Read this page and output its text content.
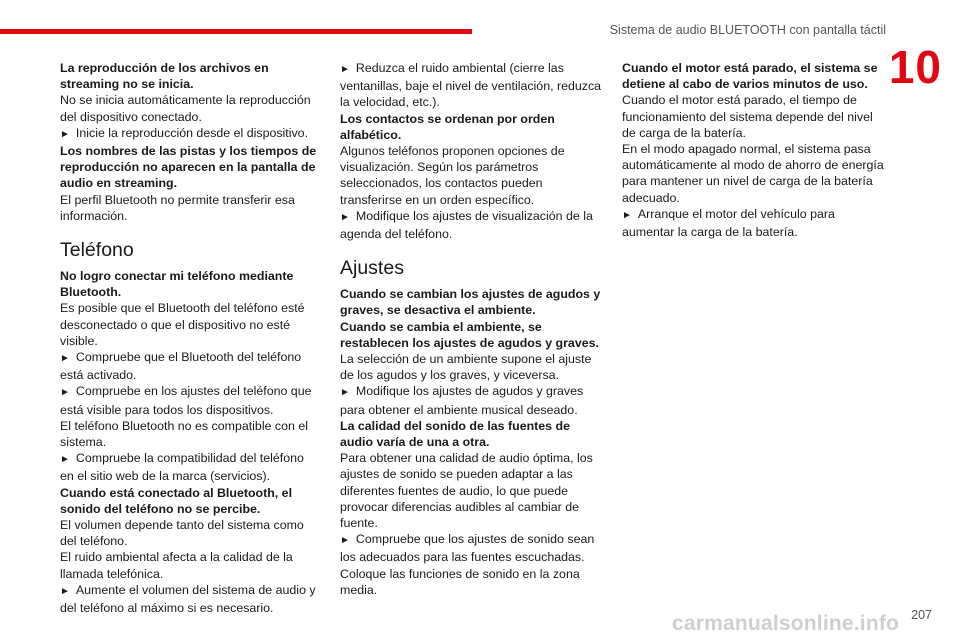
Sistema de audio BLUETOOTH con pantalla táctil
10

La reproducción de los archivos en streaming no se inicia.

No se inicia automáticamente la reproducción del dispositivo conectado.

► Inicie la reproducción desde el dispositivo.

Los nombres de las pistas y los tiempos de reproducción no aparecen en la pantalla de audio en streaming.

El perfil Bluetooth no permite transferir esa información.

Teléfono

No logro conectar mi teléfono mediante Bluetooth.

Es posible que el Bluetooth del teléfono esté desconectado o que el dispositivo no esté visible.

► Compruebe que el Bluetooth del teléfono está activado.

► Compruebe en los ajustes del teléfono que está visible para todos los dispositivos.

El teléfono Bluetooth no es compatible con el sistema.

► Compruebe la compatibilidad del teléfono en el sitio web de la marca (servicios).

Cuando está conectado al Bluetooth, el sonido del teléfono no se percibe.

El volumen depende tanto del sistema como del teléfono.

El ruido ambiental afecta a la calidad de la llamada telefónica.

► Aumente el volumen del sistema de audio y del teléfono al máximo si es necesario.

► Reduzca el ruido ambiental (cierre las ventanillas, baje el nivel de ventilación, reduzca la velocidad, etc.).

Los contactos se ordenan por orden alfabético.

Algunos teléfonos proponen opciones de visualización. Según los parámetros seleccionados, los contactos pueden transferirse en un orden específico.

► Modifique los ajustes de visualización de la agenda del teléfono.

Ajustes

Cuando se cambian los ajustes de agudos y graves, se desactiva el ambiente.

Cuando se cambia el ambiente, se restablecen los ajustes de agudos y graves.

La selección de un ambiente supone el ajuste de los agudos y los graves, y viceversa.

► Modifique los ajustes de agudos y graves para obtener el ambiente musical deseado.

La calidad del sonido de las fuentes de audio varía de una a otra.

Para obtener una calidad de audio óptima, los ajustes de sonido se pueden adaptar a las diferentes fuentes de audio, lo que puede provocar diferencias audibles al cambiar de fuente.

► Compruebe que los ajustes de sonido sean los adecuados para las fuentes escuchadas. Coloque las funciones de sonido en la zona media.

Cuando el motor está parado, el sistema se detiene al cabo de varios minutos de uso.

Cuando el motor está parado, el tiempo de funcionamiento del sistema depende del nivel de carga de la batería.

En el modo apagado normal, el sistema pasa automáticamente al modo de ahorro de energía para mantener un nivel de carga de la batería adecuado.

► Arranque el motor del vehículo para aumentar la carga de la batería.

207
carmanualsonline.info
